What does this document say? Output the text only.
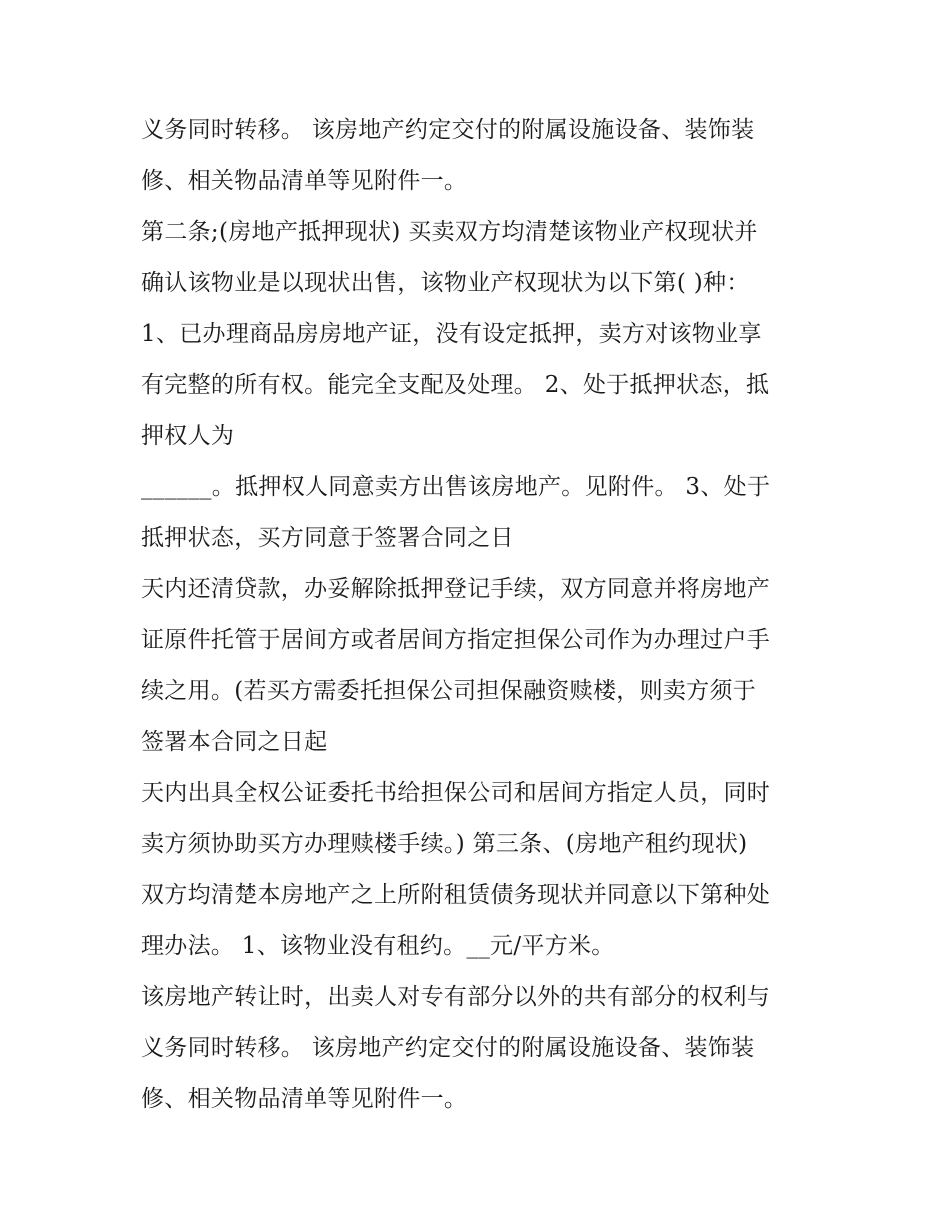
义务同时转移。 该房地产约定交付的附属设施设备、装饰装
修、相关物品清单等见附件一。
第二条;(房地产抵押现状) 买卖双方均清楚该物业产权现状并
确认该物业是以现状出售，该物业产权现状为以下第( )种：
1、已办理商品房房地产证，没有设定抵押，卖方对该物业享
有完整的所有权。能完全支配及处理。 2、处于抵押状态，抵
押权人为
______。抵押权人同意卖方出售该房地产。见附件。 3、处于
抵押状态，买方同意于签署合同之日
天内还清贷款，办妥解除抵押登记手续，双方同意并将房地产
证原件托管于居间方或者居间方指定担保公司作为办理过户手
续之用。(若买方需委托担保公司担保融资赎楼，则卖方须于
签署本合同之日起
天内出具全权公证委托书给担保公司和居间方指定人员，同时
卖方须协助买方办理赎楼手续。) 第三条、(房地产租约现状)
双方均清楚本房地产之上所附租赁债务现状并同意以下第种处
理办法。 1、该物业没有租约。__元/平方米。
该房地产转让时，出卖人对专有部分以外的共有部分的权利与
义务同时转移。 该房地产约定交付的附属设施设备、装饰装
修、相关物品清单等见附件一。
